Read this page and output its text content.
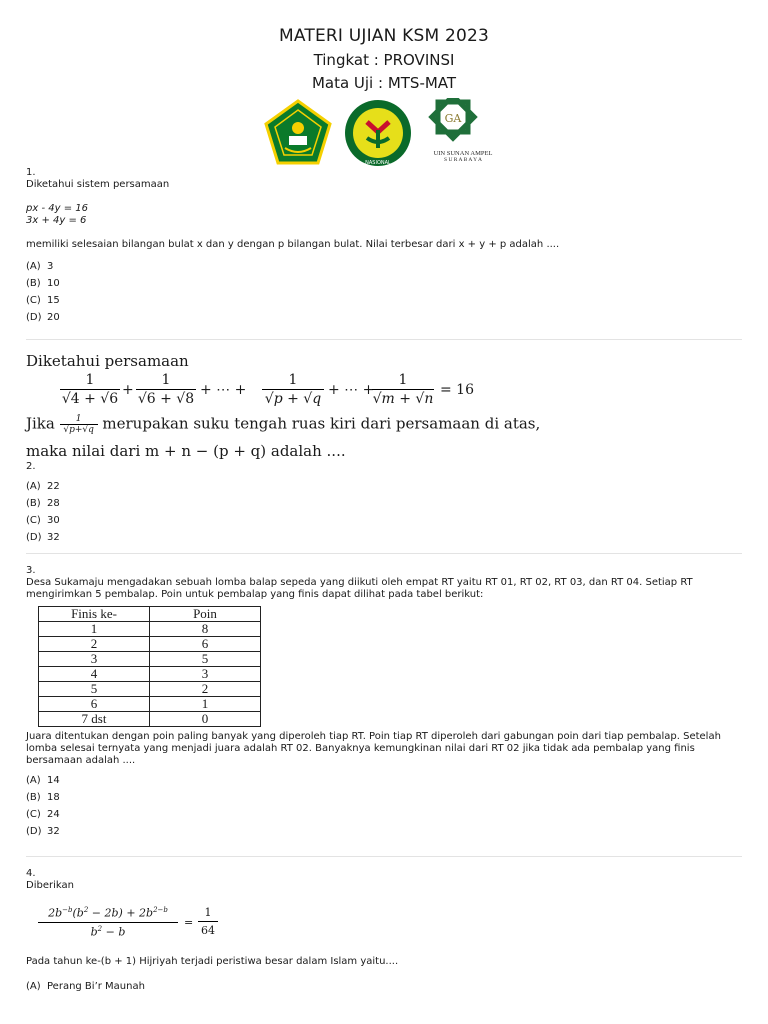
MATERI UJIAN KSM 2023
Tingkat : PROVINSI
Mata Uji : MTS-MAT
NASIONAL
GA
UIN SUNAN AMPEL
S U R A B A Y A
1.
Diketahui sistem persamaan
px - 4y = 16
3x + 4y = 6
memiliki selesaian bilangan bulat x dan y dengan p bilangan bulat. Nilai terbesar dari x + y + p adalah ....
(A) 3
(B) 10
(C) 15
(D) 20
Diketahui persamaan
1
√4 + √6
+
1
√6 + √8
+ ⋯ +
1
√p + √q
+ ⋯ +
1
√m + √n
= 16
Jika 1

√p+√q merupakan suku tengah ruas kiri dari persamaan di atas,
maka nilai dari m + n − (p + q) adalah ....
2.
(A) 22
(B) 28
(C) 30
(D) 32
3.
Desa Sukamaju mengadakan sebuah lomba balap sepeda yang diikuti oleh empat RT yaitu RT 01, RT 02, RT 03, dan RT 04. Setiap RT mengirimkan 5 pembalap. Poin untuk pembalap yang finis dapat dilihat pada tabel berikut:
Finis ke-	Poin
1	8
2	6
3	5
4	3
5	2
6	1
7 dst	0
Juara ditentukan dengan poin paling banyak yang diperoleh tiap RT. Poin tiap RT diperoleh dari gabungan poin dari tiap pembalap. Setelah lomba selesai ternyata yang menjadi juara adalah RT 02. Banyaknya kemungkinan nilai dari RT 02 jika tidak ada pembalap yang finis bersamaan adalah ....
(A) 14
(B) 18
(C) 24
(D) 32
4.
Diberikan
$2b^{-b}(b^2 - 2b) + 2b^{2-b}$
$b^2 - b$
=
1
64
Pada tahun ke-(b + 1) Hijriyah terjadi peristiwa besar dalam Islam yaitu....
(A) Perang Bi’r Maunah
